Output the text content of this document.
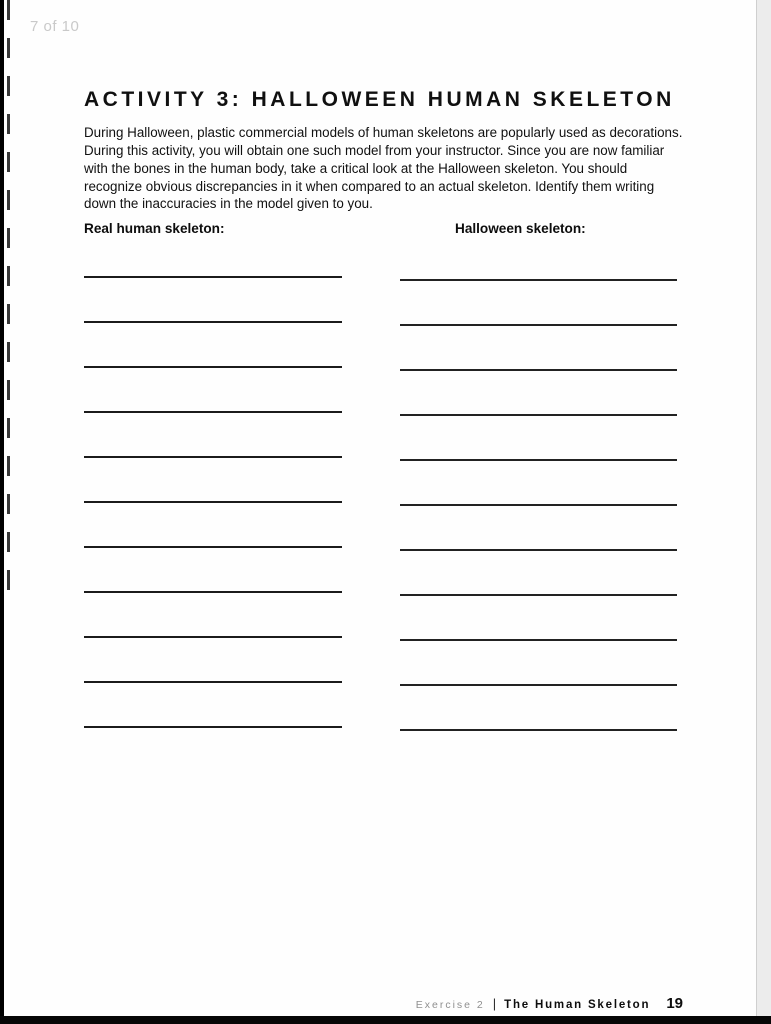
7 of 10
ACTIVITY 3: HALLOWEEN HUMAN SKELETON

During Halloween, plastic commercial models of human skeletons are popularly used as decorations. During this activity, you will obtain one such model from your instructor. Since you are now familiar with the bones in the human body, take a critical look at the Halloween skeleton. You should recognize obvious discrepancies in it when compared to an actual skeleton. Identify them writing down the inaccuracies in the model given to you.

Real human skeleton:	Halloween skeleton:
Exercise 2 | The Human Skeleton 19
